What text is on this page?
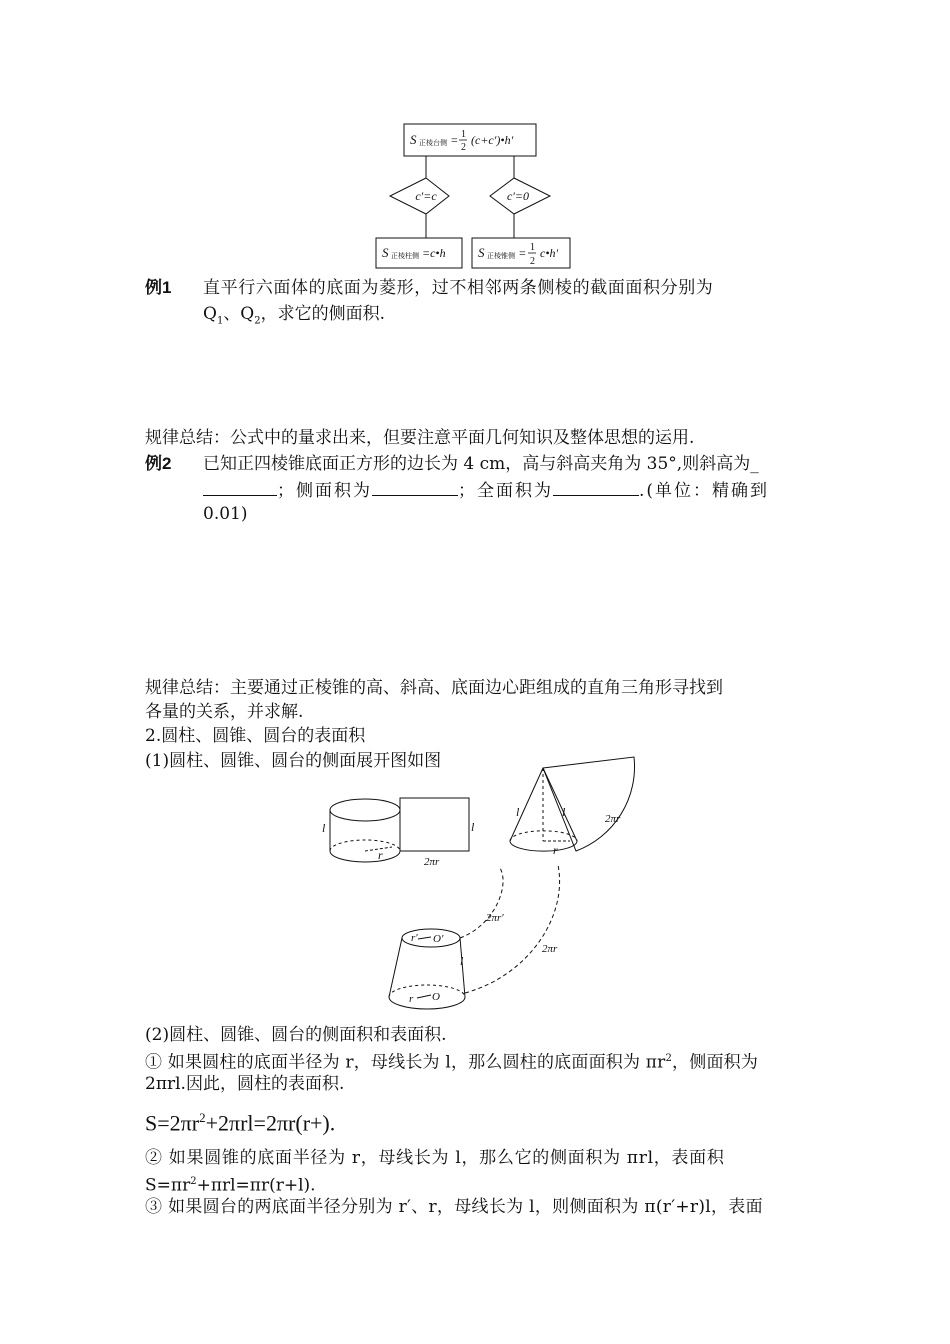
S 正棱台侧 = 1
2
(c+c′)•h′
c′=c	c′=0
S 正棱柱侧 =c•h S 正棱锥侧 = 1
2
c•h′
例1 直平行六面体的底面为菱形，过不相邻两条侧棱的截面面积分别为
$Q_1$、$Q_2$，求它的侧面积.
规律总结：公式中的量求出来，但要注意平面几何知识及整体思想的运用.
例2 已知正四棱锥底面正方形的边长为 4 cm，高与斜高夹角为 35°,则斜高为_
；侧面积为	；全面积为	.(单位：精确到
0.01)
规律总结：主要通过正棱锥的高、斜高、底面边心距组成的直角三角形寻找到
各量的关系，并求解.
2.圆柱、圆锥、圆台的表面积
(1)圆柱、圆锥、圆台的侧面展开图如图
l	l
r	2πr
l	l
r
2πr
r′ O′
l
r O
2πr′
2πr
(2)圆柱、圆锥、圆台的侧面积和表面积.
① 如果圆柱的底面半径为 r，母线长为 l，那么圆柱的底面面积为 $\pi r^2$，侧面积为
2πrl.因此，圆柱的表面积.
$S=2\pi r^2+2\pi rl=2\pi r(r+)$.
② 如果圆锥的底面半径为 r，母线长为 l，那么它的侧面积为 πrl，表面积
$S=\pi r^2+\pi rl=\pi r(r+l)$.
③ 如果圆台的两底面半径分别为 r′、r，母线长为 l，则侧面积为 π(r′+r)l，表面
